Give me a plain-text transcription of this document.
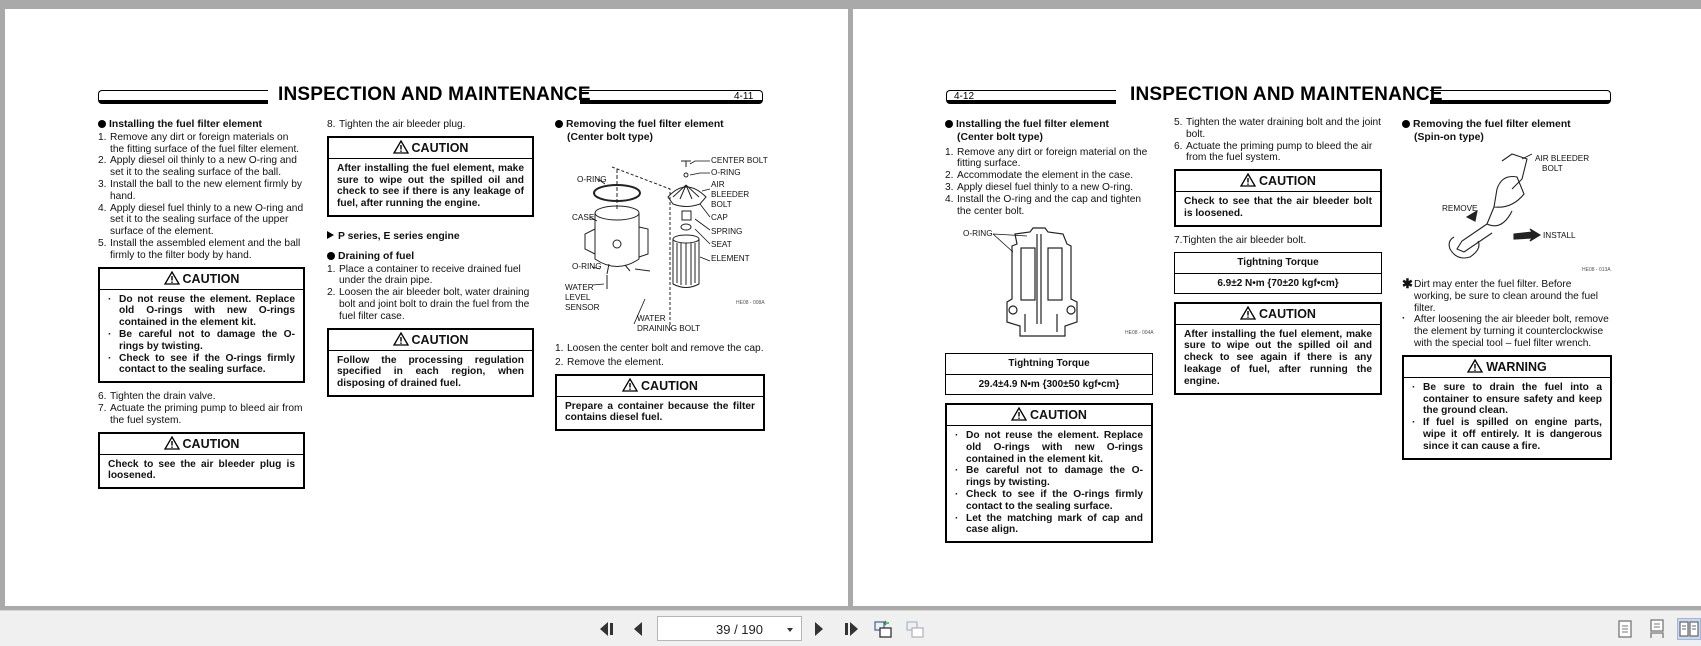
INSPECTION AND MAINTENANCE	4-11
Installing the fuel filter element
1. Remove any dirt or foreign materials on the fitting surface of the fuel filter element.
2. Apply diesel oil thinly to a new O-ring and set it to the sealing surface of the ball.
3. Install the ball to the new element firmly by hand.
4. Apply diesel fuel thinly to a new O-ring and set it to the sealing surface of the upper surface of the element.
5. Install the assembled element and the ball firmly to the filter body by hand.
CAUTION
· Do not reuse the element. Replace old O-rings with new O-rings contained in the element kit.
· Be careful not to damage the O-rings by twisting.
· Check to see if the O-rings firmly contact to the sealing surface.
6. Tighten the drain valve.
7. Actuate the priming pump to bleed air from the fuel system.
CAUTION
Check to see the air bleeder plug is loosened.
8. Tighten the air bleeder plug.
CAUTION
After installing the fuel element, make sure to wipe out the spilled oil and check to see if there is any leakage of fuel, after running the engine.
P series, E series engine
Draining of fuel
1. Place a container to receive drained fuel under the drain pipe.
2. Loosen the air bleeder bolt, water draining bolt and joint bolt to drain the fuel from the fuel filter case.
CAUTION
Follow the processing regulation specified in each region, when disposing of drained fuel.
Removing the fuel filter element
(Center bolt type)
CENTER BOLT
O-RING
AIR
BLEEDER
BOLT
CAP
SPRING
SEAT
ELEMENT
O-RING
CASE
O-RING
WATER
LEVEL
SENSOR
WATER
DRAINING BOLT
HE08 - 008A
1. Loosen the center bolt and remove the cap.
2. Remove the element.
CAUTION
Prepare a container because the filter contains diesel fuel.
4-12	INSPECTION AND MAINTENANCE
Installing the fuel filter element
(Center bolt type)
1. Remove any dirt or foreign material on the fitting surface.
2. Accommodate the element in the case.
3. Apply diesel fuel thinly to a new O-ring.
4. Install the O-ring and the cap and tighten the center bolt.
O-RING
HE08 - 004A
Tightning Torque
29.4±4.9 N•m {300±50 kgf•cm}
CAUTION
· Do not reuse the element. Replace old O-rings with new O-rings contained in the element kit.
· Be careful not to damage the O-rings by twisting.
· Check to see if the O-rings firmly contact to the sealing surface.
· Let the matching mark of cap and case align.
5. Tighten the water draining bolt and the joint bolt.
6. Actuate the priming pump to bleed the air from the fuel system.
CAUTION
Check to see that the air bleeder bolt is loosened.
7.Tighten the air bleeder bolt.
Tightning Torque
6.9±2 N•m {70±20 kgf•cm}
CAUTION
After installing the fuel element, make sure to wipe out the spilled oil and check to see again if there is any leakage of fuel, after running the engine.
Removing the fuel filter element
(Spin-on type)
AIR BLEEDER
BOLT
REMOVE
INSTALL
HE08 - 013A
✱ Dirt may enter the fuel filter. Before working, be sure to clean around the fuel filter.
· After loosening the air bleeder bolt, remove the element by turning it counterclockwise with the special tool – fuel filter wrench.
WARNING
· Be sure to drain the fuel into a container to ensure safety and keep the ground clean.
· If fuel is spilled on engine parts, wipe it off entirely. It is dangerous since it can cause a fire.
39 / 190
